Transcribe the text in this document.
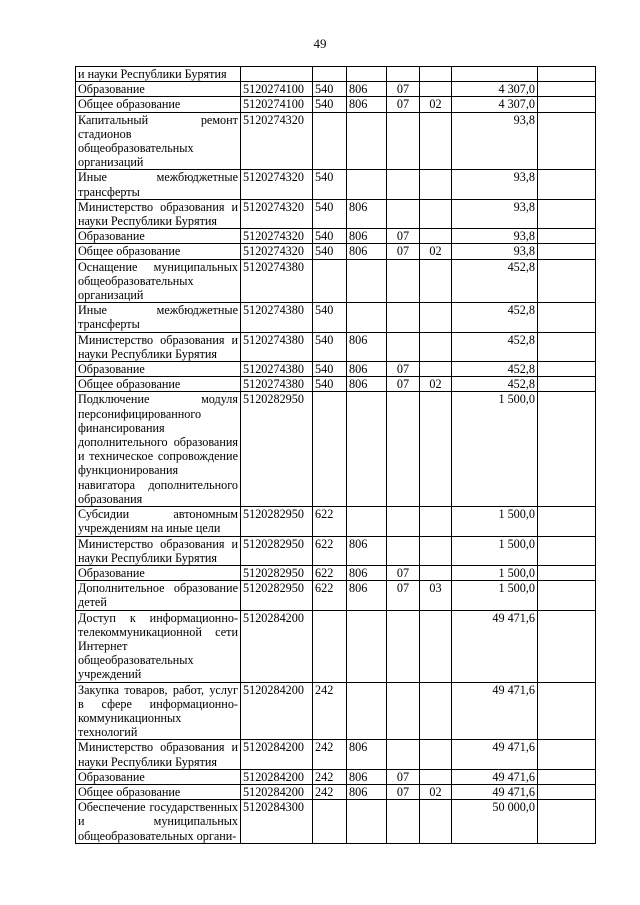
49
и науки Республики Бурятия							
Образование	5120274100	540	806	07		4 307,0	
Общее образование	5120274100	540	806	07	02	4 307,0	
Капитальный ремонт стадионов общеобразовательных организаций	5120274320					93,8	
Иные межбюджетные трансферты	5120274320	540				93,8	
Министерство образования и науки Республики Бурятия	5120274320	540	806			93,8	
Образование	5120274320	540	806	07		93,8	
Общее образование	5120274320	540	806	07	02	93,8	
Оснащение муниципальных общеобразовательных организаций	5120274380					452,8	
Иные межбюджетные трансферты	5120274380	540				452,8	
Министерство образования и науки Республики Бурятия	5120274380	540	806			452,8	
Образование	5120274380	540	806	07		452,8	
Общее образование	5120274380	540	806	07	02	452,8	
Подключение модуля персонифицированного финансирования дополнительного образования и техническое сопровождение функционирования навигатора дополнительного образования	5120282950					1 500,0	
Субсидии автономным учреждениям на иные цели	5120282950	622				1 500,0	
Министерство образования и науки Республики Бурятия	5120282950	622	806			1 500,0	
Образование	5120282950	622	806	07		1 500,0	
Дополнительное образование детей	5120282950	622	806	07	03	1 500,0	
Доступ к информационно-телекоммуникационной сети Интернет общеобразовательных учреждений	5120284200					49 471,6	
Закупка товаров, работ, услуг в сфере информационно-коммуникационных технологий	5120284200	242				49 471,6	
Министерство образования и науки Республики Бурятия	5120284200	242	806			49 471,6	
Образование	5120284200	242	806	07		49 471,6	
Общее образование	5120284200	242	806	07	02	49 471,6	
Обеспечение государственных и муниципальных общеобразовательных органи-	5120284300					50 000,0	
